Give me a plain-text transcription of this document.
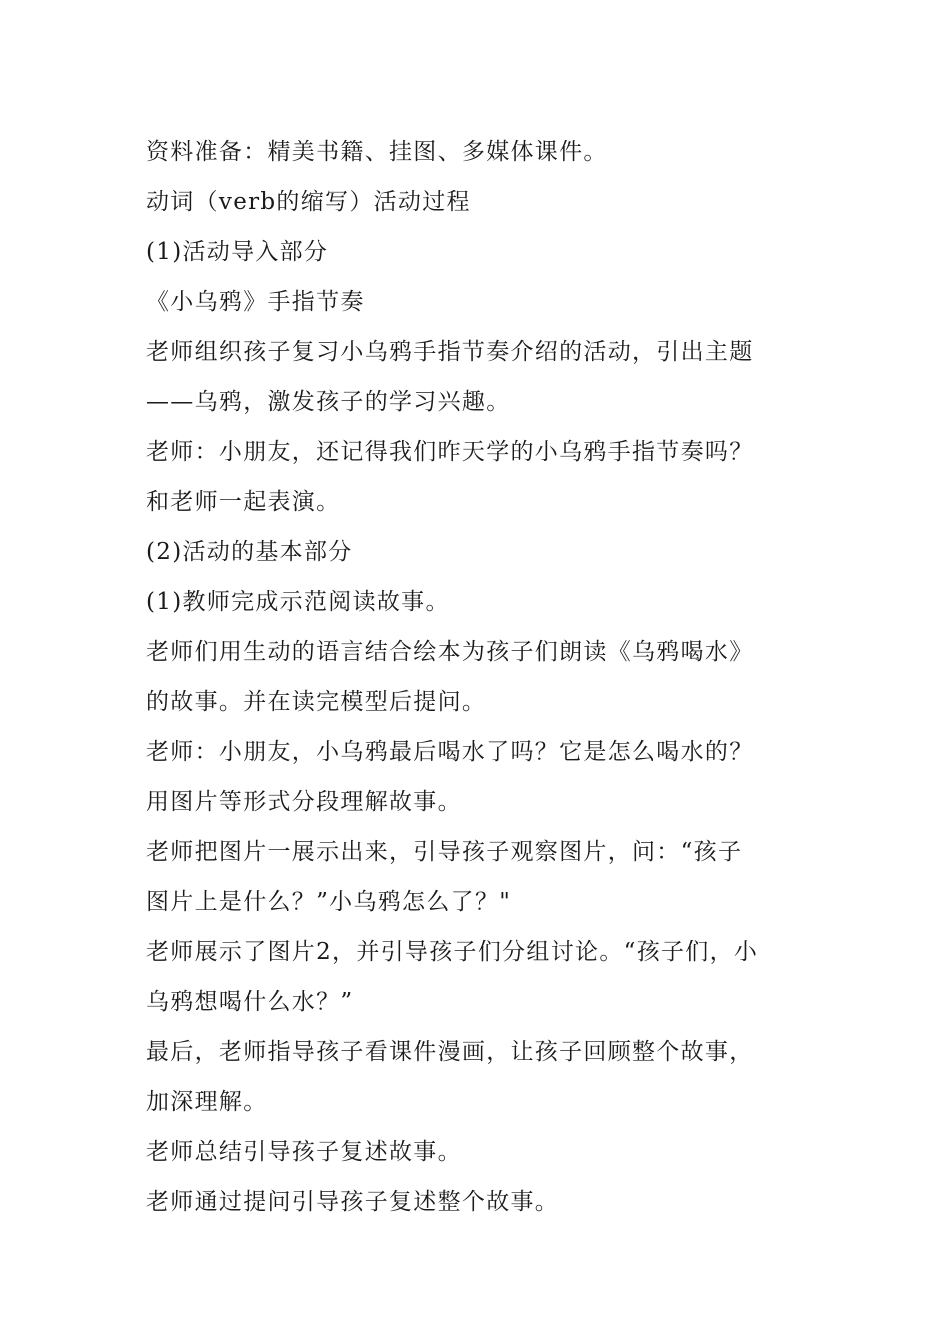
资料准备：精美书籍、挂图、多媒体课件。
动词（verb的缩写）活动过程
(1)活动导入部分
《小乌鸦》手指节奏
老师组织孩子复习小乌鸦手指节奏介绍的活动，引出主题
——乌鸦，激发孩子的学习兴趣。
老师：小朋友，还记得我们昨天学的小乌鸦手指节奏吗？
和老师一起表演。
(2)活动的基本部分
(1)教师完成示范阅读故事。
老师们用生动的语言结合绘本为孩子们朗读《乌鸦喝水》
的故事。并在读完模型后提问。
老师：小朋友，小乌鸦最后喝水了吗？它是怎么喝水的？
用图片等形式分段理解故事。
老师把图片一展示出来，引导孩子观察图片，问：“孩子
图片上是什么？”小乌鸦怎么了？"
老师展示了图片2，并引导孩子们分组讨论。“孩子们，小
乌鸦想喝什么水？”
最后，老师指导孩子看课件漫画，让孩子回顾整个故事，
加深理解。
老师总结引导孩子复述故事。
老师通过提问引导孩子复述整个故事。
